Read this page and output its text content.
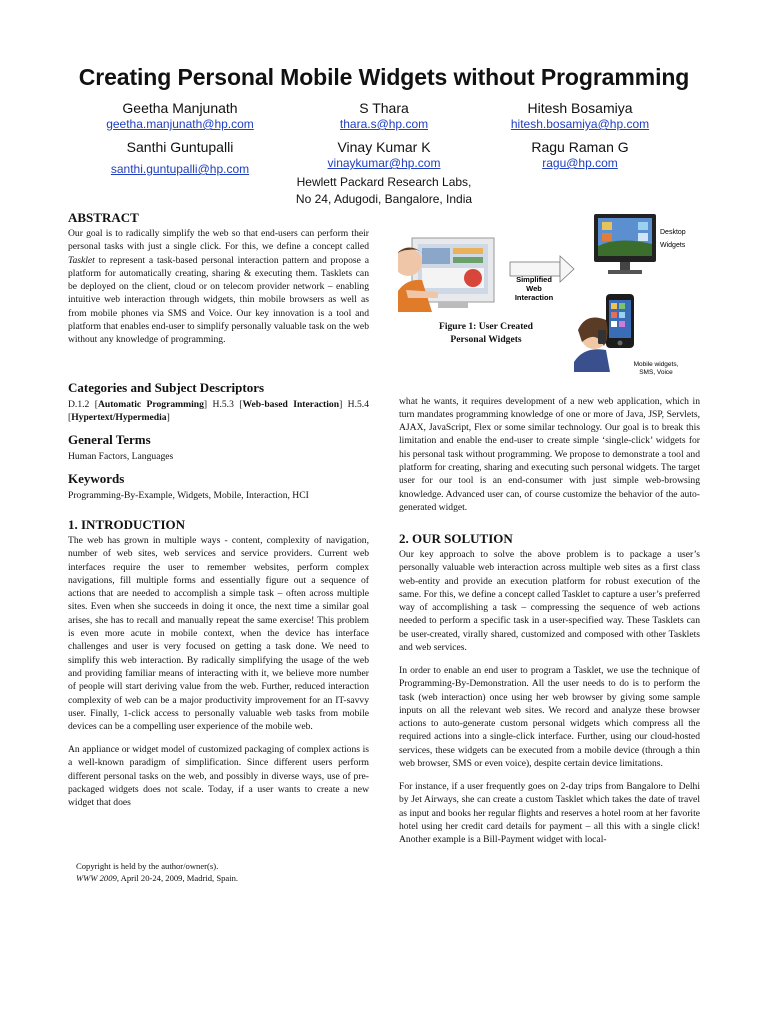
Creating Personal Mobile Widgets without Programming
Geetha Manjunath
geetha.manjunath@hp.com
S Thara
thara.s@hp.com
Hitesh Bosamiya
hitesh.bosamiya@hp.com
Santhi Guntupalli
santhi.guntupalli@hp.com
Vinay Kumar K
vinaykumar@hp.com
Ragu Raman G
ragu@hp.com
Hewlett Packard Research Labs,
No 24, Adugodi, Bangalore, India
ABSTRACT

Our goal is to radically simplify the web so that end-users can perform their personal tasks with just a single click. For this, we define a concept called Tasklet to represent a task-based personal interaction pattern and propose a platform for automatically creating, sharing & executing them. Tasklets can be deployed on the client, cloud or on telecom provider network – enabling intuitive web interaction through widgets, thin mobile browsers as well as from mobile phones via SMS and Voice. Our key innovation is a tool and platform that enables end-user to simplify personally valuable task on the web without any knowledge of programming.

Categories and Subject Descriptors

D.1.2 [Automatic Programming] H.5.3 [Web-based Interaction] H.5.4 [Hypertext/Hypermedia]

General Terms

Human Factors, Languages

Keywords

Programming-By-Example, Widgets, Mobile, Interaction, HCI

1. INTRODUCTION

The web has grown in multiple ways - content, complexity of navigation, number of web sites, web services and service providers. Current web interfaces require the user to remember websites, perform complex navigations, fill multiple forms and essentially figure out a sequence of actions that are needed to accomplish a simple task – often across multiple sites. Even when she succeeds in doing it once, the next time a similar goal arises, she has to recall and manually repeat the same exercise! This problem is even more acute in mobile context, when the device has interface challenges and user is very focused on getting a task done. We need to simplify this web interaction. By radically simplifying the usage of the web and providing familiar means of interacting with it, we believe more number of people will start deriving value from the web. Further, reduced interaction complexity of web can be a major productivity improvement for an IT-savvy user. Finally, 1-click access to personally valuable web tasks from mobile devices can be a compelling user experience of the mobile web.

An appliance or widget model of customized packaging of complex actions is a well-known paradigm of simplification. Since different users perform different personal tasks on the web, and possibly in diverse ways, use of pre-packaged widgets does not scale. Today, if a user wants to create a new widget that does

Copyright is held by the author/owner(s).
WWW 2009, April 20-24, 2009, Madrid, Spain.
Simplified
Web
Interaction
Desktop
Widgets
Mobile widgets,
SMS, Voice
Figure 1: User Created Personal Widgets

what he wants, it requires development of a new web application, which in turn mandates programming knowledge of one or more of Java, JSP, Servlets, AJAX, JavaScript, Flex or some similar technology. Our goal is to break this limitation and enable the end-user to create simple ‘single-click’ widgets for his personal task without programming. We propose to demonstrate a tool and platform for creating, sharing and executing such personal widgets. The target user for our tool is an end-consumer with just simple web-browsing knowledge. Advanced user can, of course customize the behavior of the auto-generated widget.

2. OUR SOLUTION

Our key approach to solve the above problem is to package a user’s personally valuable web interaction across multiple web sites as a first class web-entity and provide an execution platform for robust execution of the same. For this, we define a concept called Tasklet to capture a user’s preferred way of accomplishing a task – compressing the sequence of web actions needed to perform a specific task in a user-specified way. These Tasklets can be user-created, virally shared, customized and composed with other Tasklets and web services.

In order to enable an end user to program a Tasklet, we use the technique of Programming-By-Demonstration. All the user needs to do is to perform the task (web interaction) once using her web browser by giving some sample inputs on all the relevant web sites. We record and analyze these browser actions to auto-generate custom personal widgets which compress all the required actions into a single-click interface. Further, using our cloud-hosted services, these widgets can be executed from a mobile device (through a thin web browser, SMS or even voice), despite certain device limitations.

For instance, if a user frequently goes on 2-day trips from Bangalore to Delhi by Jet Airways, she can create a custom Tasklet which takes the date of travel as input and books her regular flights and reserves a hotel room at her favorite hotel using her credit card details for payment – all this with a single click! Another example is a Bill-Payment widget with local-
